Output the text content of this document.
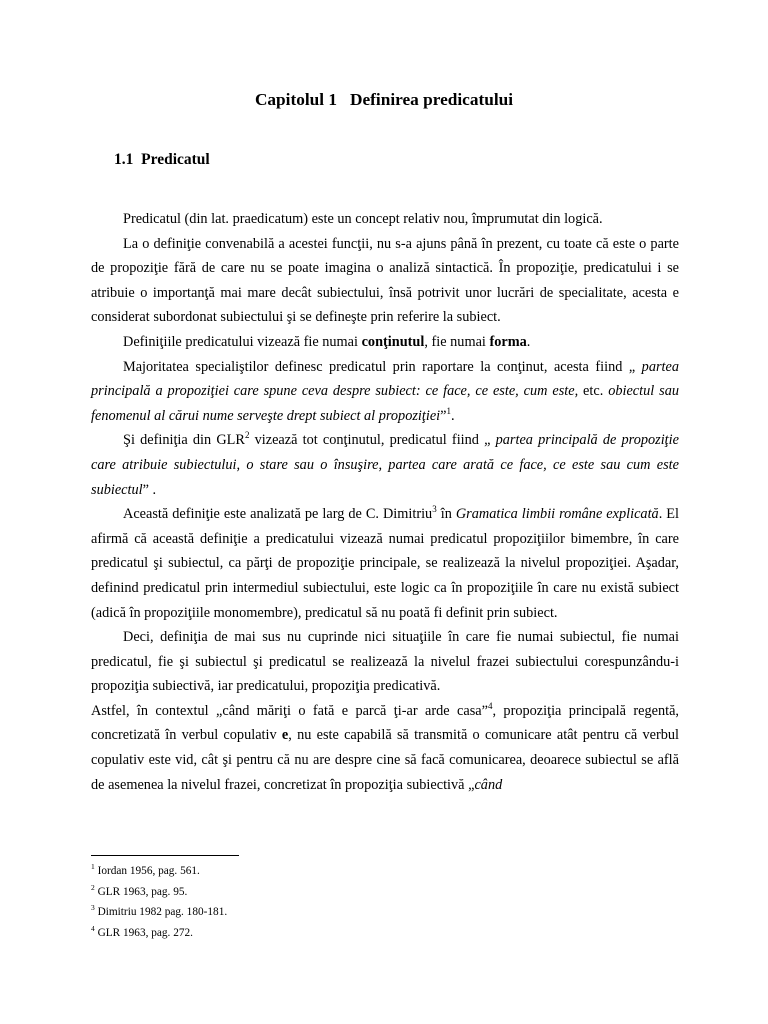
Capitolul 1   Definirea predicatului
1.1  Predicatul

Predicatul (din lat. praedicatum) este un concept relativ nou, împrumutat din logică.

La o definiţie convenabilă a acestei funcţii, nu s-a ajuns până în prezent, cu toate că este o parte de propoziţie fără de care nu se poate imagina o analiză sintactică. În propoziţie, predicatului i se atribuie o importanţă mai mare decât subiectului, însă potrivit unor lucrări de specialitate, acesta e considerat subordonat subiectului şi se defineşte prin referire la subiect.

Definiţiile predicatului vizează fie numai conţinutul, fie numai forma.

Majoritatea specialiştilor definesc predicatul prin raportare la conţinut, acesta fiind „ partea principală a propoziţiei care spune ceva despre subiect: ce face, ce este, cum este, etc. obiectul sau fenomenul al cărui nume serveşte drept subiect al propoziţiei”$^1$.

Şi definiţia din GLR$^2$ vizează tot conţinutul, predicatul fiind „ partea principală de propoziţie care atribuie subiectului, o stare sau o însuşire, partea care arată ce face, ce este sau cum este subiectul” .

Această definiţie este analizată pe larg de C. Dimitriu$^3$ în Gramatica limbii române explicată. El afirmă că această definiţie a predicatului vizează numai predicatul propoziţiilor bimembre, în care predicatul şi subiectul, ca părţi de propoziţie principale, se realizează la nivelul propoziţiei. Aşadar, definind predicatul prin intermediul subiectului, este logic ca în propoziţiile în care nu există subiect (adică în propoziţiile monomembre), predicatul să nu poată fi definit prin subiect.

Deci, definiţia de mai sus nu cuprinde nici situaţiile în care fie numai subiectul, fie numai predicatul, fie şi subiectul şi predicatul se realizează la nivelul frazei subiectului corespunzându-i propoziţia subiectivă, iar predicatului, propoziţia predicativă.

Astfel, în contextul „când măriţi o fată e parcă ţi-ar arde casa”$^4$, propoziţia principală regentă, concretizată în verbul copulativ e, nu este capabilă să transmită o comunicare atât pentru că verbul copulativ este vid, cât şi pentru că nu are despre cine să facă comunicarea, deoarece subiectul se află de asemenea la nivelul frazei, concretizat în propoziţia subiectivă „când

$^1$ Iordan 1956, pag. 561.
$^2$ GLR 1963, pag. 95.
$^3$ Dimitriu 1982 pag. 180-181.
$^4$ GLR 1963, pag. 272.
